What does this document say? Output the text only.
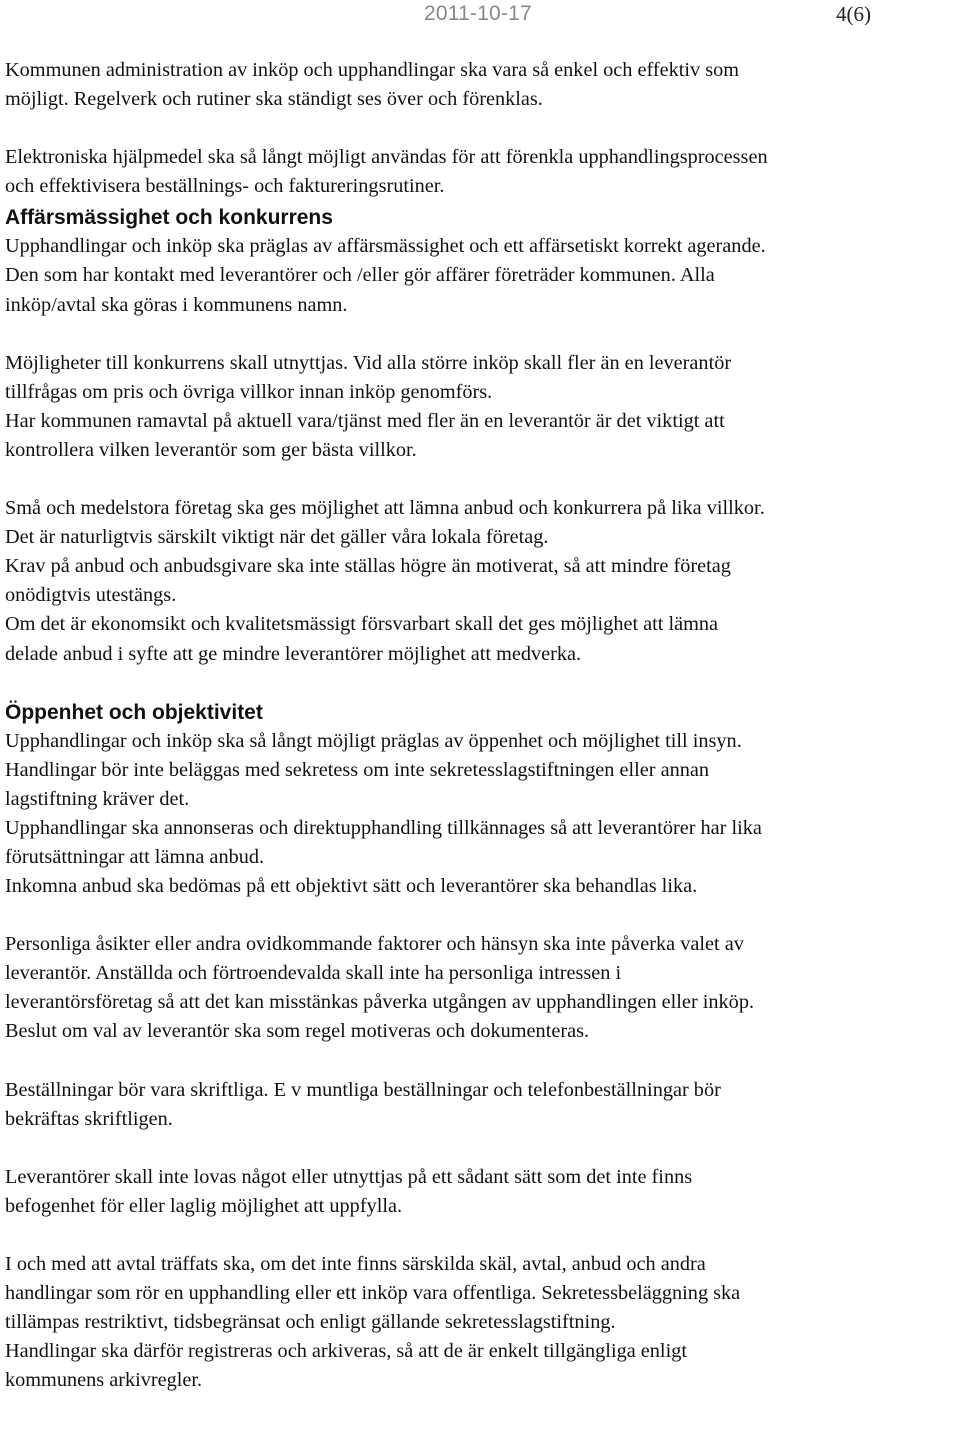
2011-10-17	4(6)

Kommunen administration av inköp och upphandlingar ska vara så enkel och effektiv som

möjligt. Regelverk och rutiner ska ständigt ses över och förenklas.

Elektroniska hjälpmedel ska så långt möjligt användas för att förenkla upphandlingsprocessen

och effektivisera beställnings- och faktureringsrutiner.

Affärsmässighet och konkurrens

Upphandlingar och inköp ska präglas av affärsmässighet och ett affärsetiskt korrekt agerande.

Den som har kontakt med leverantörer och /eller gör affärer företräder kommunen. Alla

inköp/avtal ska göras i kommunens namn.

Möjligheter till konkurrens skall utnyttjas. Vid alla större inköp skall fler än en leverantör

tillfrågas om pris och övriga villkor innan inköp genomförs.

Har kommunen ramavtal på aktuell vara/tjänst med fler än en leverantör är det viktigt att

kontrollera vilken leverantör som ger bästa villkor.

Små och medelstora företag ska ges möjlighet att lämna anbud och konkurrera på lika villkor.

Det är naturligtvis särskilt viktigt när det gäller våra lokala företag.

Krav på anbud och anbudsgivare ska inte ställas högre än motiverat, så att mindre företag

onödigtvis utestängs.

Om det är ekonomsikt och kvalitetsmässigt försvarbart skall det ges möjlighet att lämna

delade anbud i syfte att ge mindre leverantörer möjlighet att medverka.

Öppenhet och objektivitet

Upphandlingar och inköp ska så långt möjligt präglas av öppenhet och möjlighet till insyn.

Handlingar bör inte beläggas med sekretess om inte sekretesslagstiftningen eller annan

lagstiftning kräver det.

Upphandlingar ska annonseras och direktupphandling tillkännages så att leverantörer har lika

förutsättningar att lämna anbud.

Inkomna anbud ska bedömas på ett objektivt sätt och leverantörer ska behandlas lika.

Personliga åsikter eller andra ovidkommande faktorer och hänsyn ska inte påverka valet av

leverantör. Anställda och förtroendevalda skall inte ha personliga intressen i

leverantörsföretag så att det kan misstänkas påverka utgången av upphandlingen eller inköp.

Beslut om val av leverantör ska som regel motiveras och dokumenteras.

Beställningar bör vara skriftliga. E v muntliga beställningar och telefonbeställningar bör

bekräftas skriftligen.

Leverantörer skall inte lovas något eller utnyttjas på ett sådant sätt som det inte finns

befogenhet för eller laglig möjlighet att uppfylla.

I och med att avtal träffats ska, om det inte finns särskilda skäl, avtal, anbud och andra

handlingar som rör en upphandling eller ett inköp vara offentliga. Sekretessbeläggning ska

tillämpas restriktivt, tidsbegränsat och enligt gällande sekretesslagstiftning.

Handlingar ska därför registreras och arkiveras, så att de är enkelt tillgängliga enligt

kommunens arkivregler.
